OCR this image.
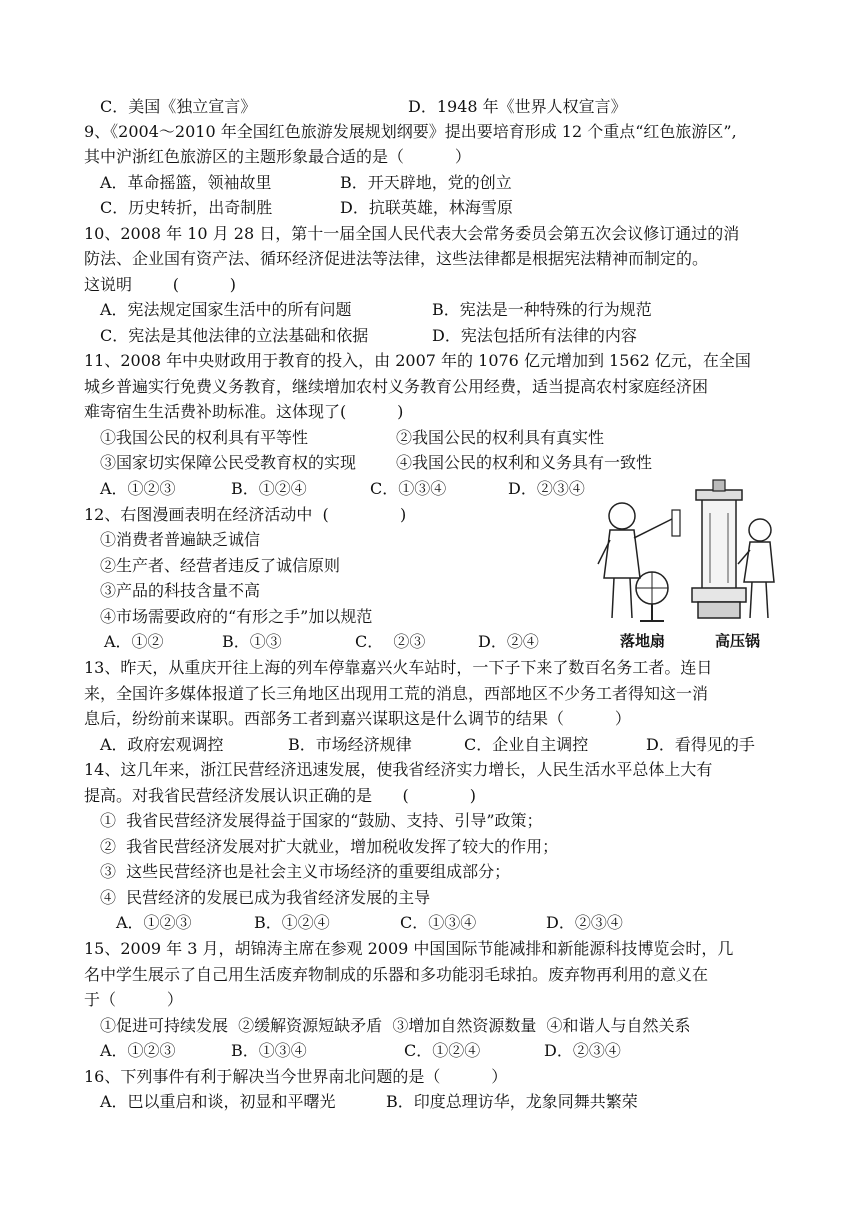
C．美国《独立宣言》	D．1948 年《世界人权宣言》
9、《2004～2010 年全国红色旅游发展规划纲要》提出要培育形成 12 个重点“红色旅游区”,
其中沪浙红色旅游区的主题形象最合适的是（          ）
A．革命摇篮，领袖故里	B．开天辟地，党的创立
C．历史转折，出奇制胜	D．抗联英雄，林海雪原
10、2008 年 10 月 28 日，第十一届全国人民代表大会常务委员会第五次会议修订通过的消
防法、企业国有资产法、循环经济促进法等法律，这些法律都是根据宪法精神而制定的。
这说明        (          )
A．宪法规定国家生活中的所有问题	B．宪法是一种特殊的行为规范
C．宪法是其他法律的立法基础和依据	D．宪法包括所有法律的内容
11、2008 年中央财政用于教育的投入，由 2007 年的 1076 亿元增加到 1562 亿元，在全国
城乡普遍实行免费义务教育，继续增加农村义务教育公用经费，适当提高农村家庭经济困
难寄宿生生活费补助标准。这体现了(          )
①我国公民的权利具有平等性	②我国公民的权利具有真实性
③国家切实保障公民受教育权的实现 ④我国公民的权利和义务具有一致性
A．①②③	B．①②④	C．①③④	D．②③④
12、右图漫画表明在经济活动中  (              )
①消费者普遍缺乏诚信
②生产者、经营者违反了诚信原则
③产品的科技含量不高
④市场需要政府的“有形之手”加以规范
A．①②	B．①③	C．  ②③	D．②④	落地扇	高压锅
13、昨天，从重庆开往上海的列车停靠嘉兴火车站时，一下子下来了数百名务工者。连日
来，全国许多媒体报道了长三角地区出现用工荒的消息，西部地区不少务工者得知这一消
息后，纷纷前来谋职。西部务工者到嘉兴谋职这是什么调节的结果（          ）
A．政府宏观调控	B．市场经济规律	C．企业自主调控	D．看得见的手
14、这几年来，浙江民营经济迅速发展，使我省经济实力增长，人民生活水平总体上大有
提高。对我省民营经济发展认识正确的是      (            )
①  我省民营经济发展得益于国家的“鼓励、支持、引导”政策；
②  我省民营经济发展对扩大就业，增加税收发挥了较大的作用；
③  这些民营经济也是社会主义市场经济的重要组成部分；
④  民营经济的发展已成为我省经济发展的主导
A．①②③	B．①②④	C．①③④	D．②③④
15、2009 年 3 月，胡锦涛主席在参观 2009 中国国际节能减排和新能源科技博览会时，几
名中学生展示了自己用生活废弃物制成的乐器和多功能羽毛球拍。废弃物再利用的意义在
于（          ）
①促进可持续发展  ②缓解资源短缺矛盾  ③增加自然资源数量  ④和谐人与自然关系
A．①②③	B．①③④	C．①②④	D．②③④
16、下列事件有利于解决当今世界南北问题的是（          ）
A．巴以重启和谈，初显和平曙光	B．印度总理访华，龙象同舞共繁荣
